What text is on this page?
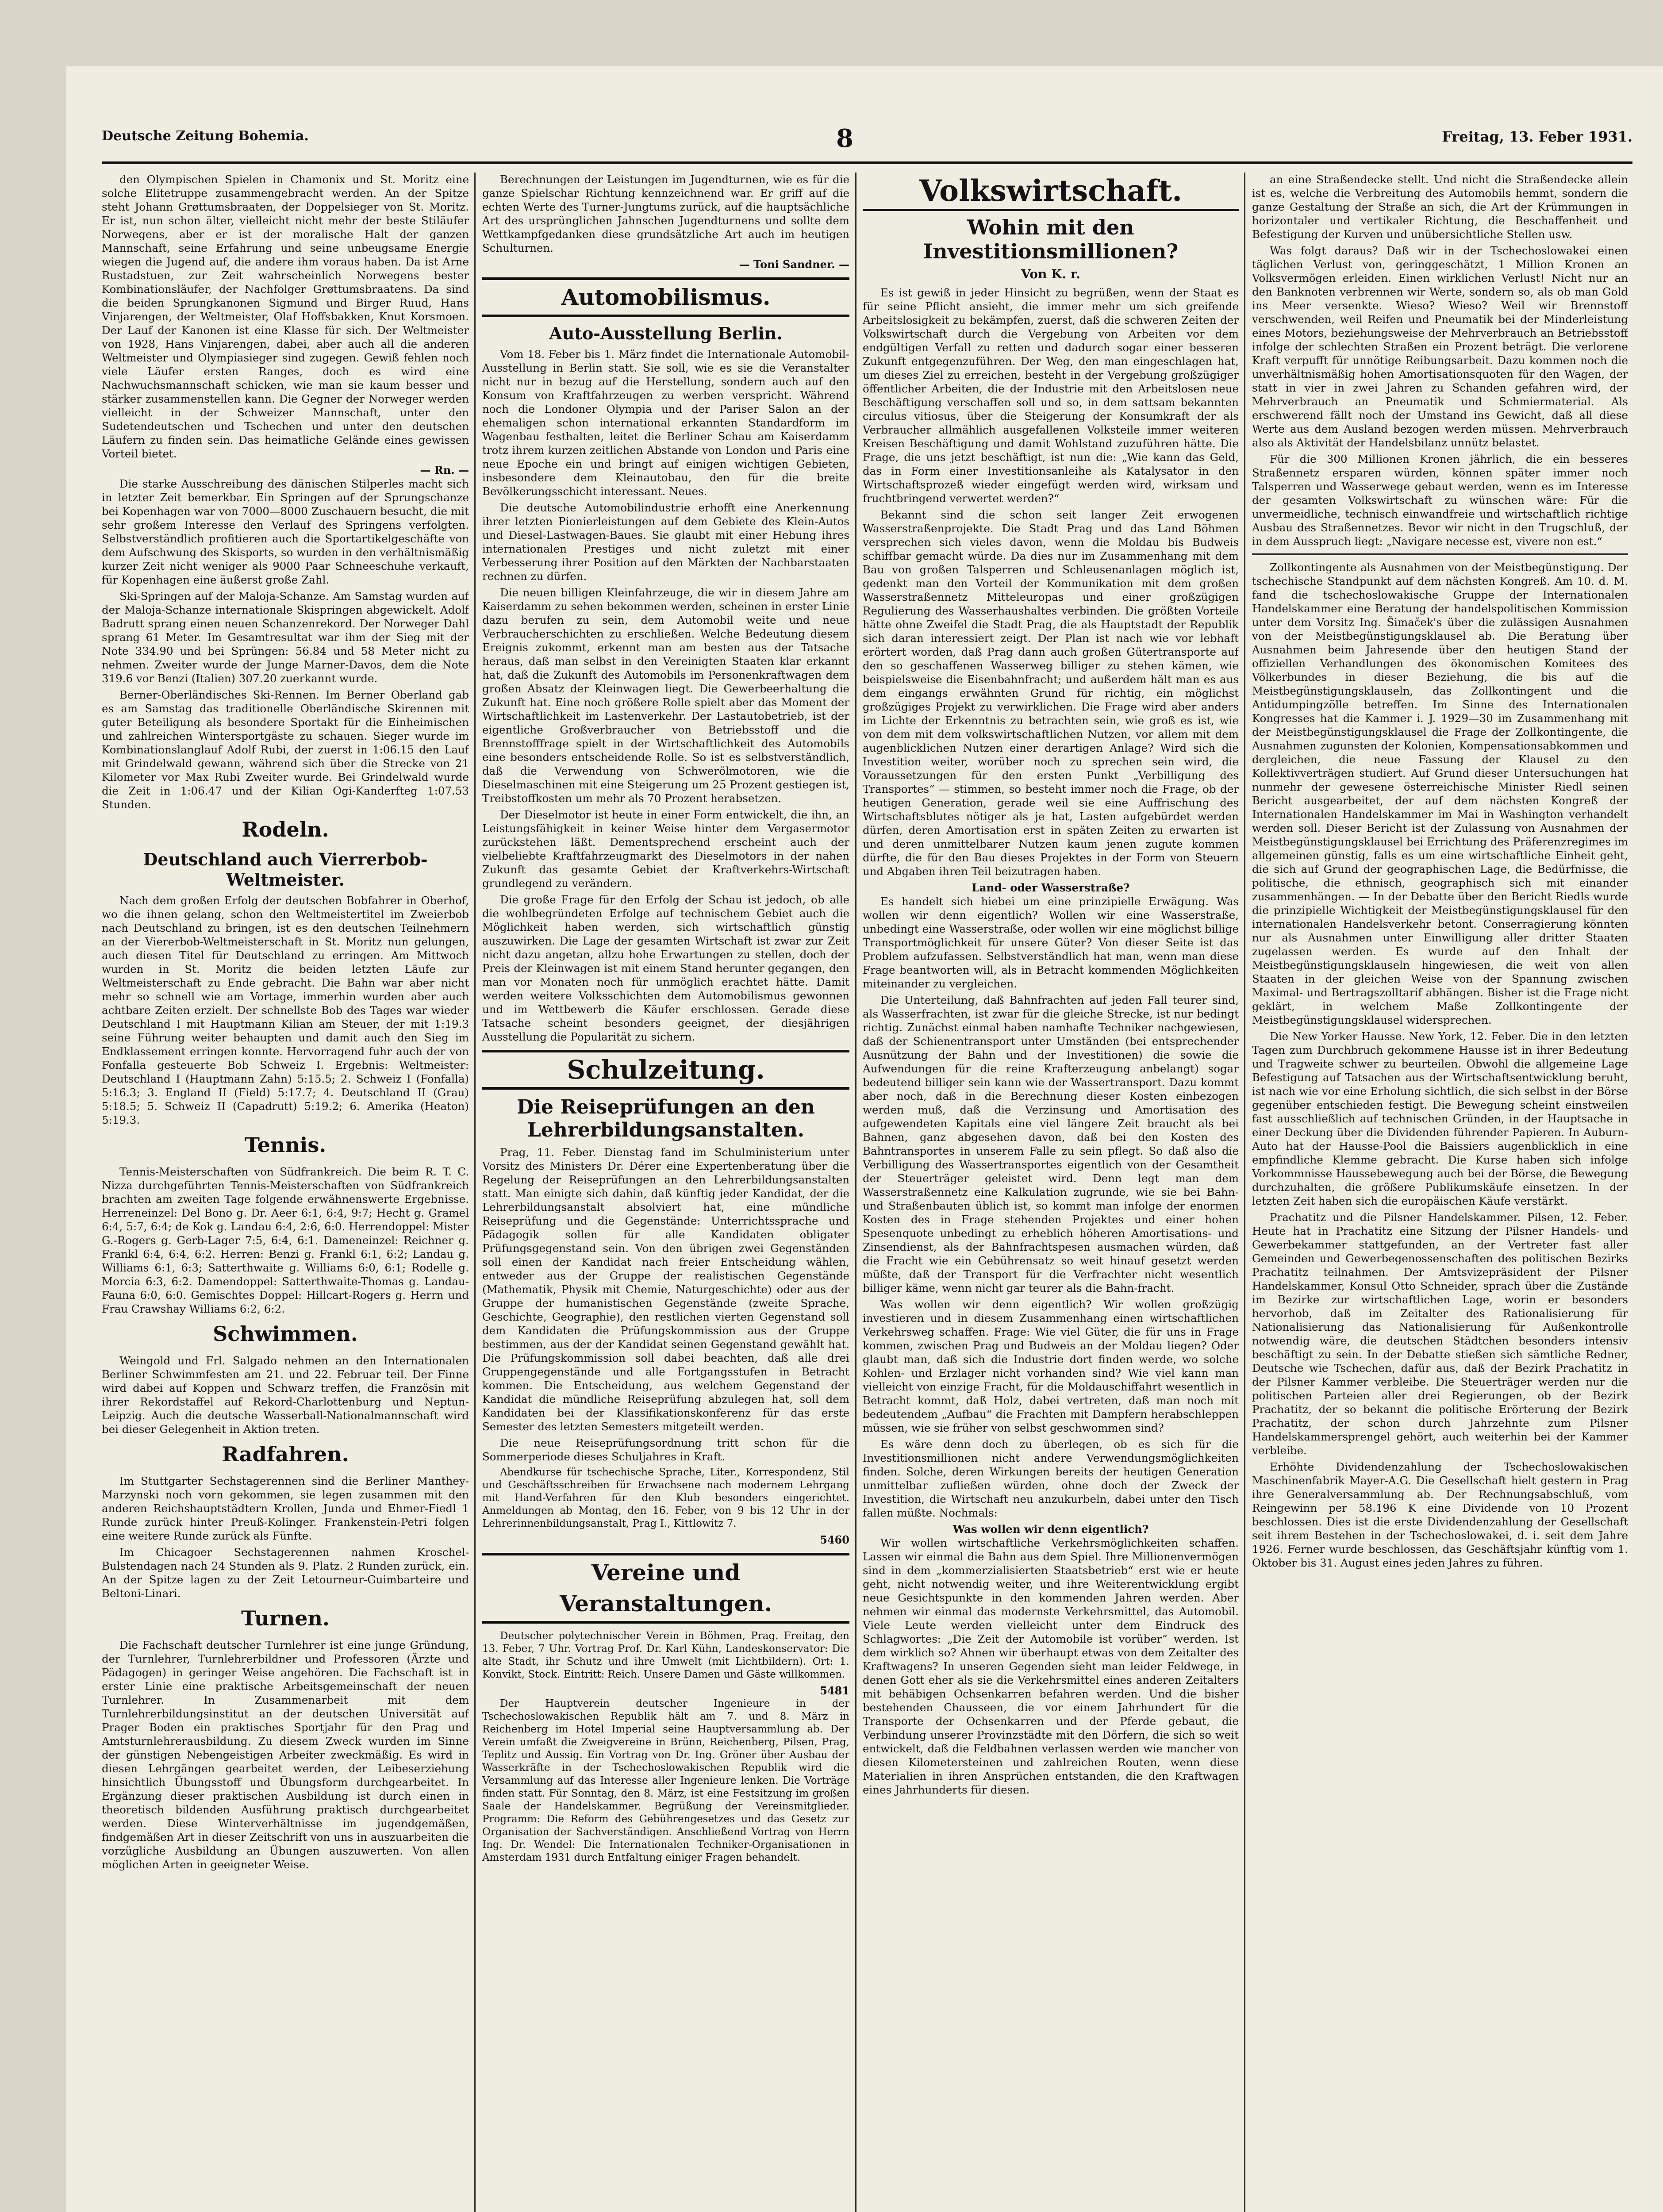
Deutsche Zeitung Bohemia.	8	Freitag, 13. Feber 1931.

den Olympischen Spielen in Chamonix und St. Moritz eine solche Elitetruppe zusammengebracht werden. An der Spitze steht Johann Grøttumsbraaten, der Doppelsieger von St. Moritz. Er ist, nun schon älter, vielleicht nicht mehr der beste Stiläufer Norwegens, aber er ist der moralische Halt der ganzen Mannschaft, seine Erfahrung und seine unbeugsame Energie wiegen die Jugend auf, die andere ihm voraus haben. Da ist Arne Rustadstuen, zur Zeit wahrscheinlich Norwegens bester Kombinationsläufer, der Nachfolger Grøttumsbraatens. Da sind die beiden Sprungkanonen Sigmund und Birger Ruud, Hans Vinjarengen, der Weltmeister, Olaf Hoffsbakken, Knut Korsmoen. Der Lauf der Kanonen ist eine Klasse für sich. Der Weltmeister von 1928, Hans Vinjarengen, dabei, aber auch all die anderen Weltmeister und Olympiasieger sind zugegen. Gewiß fehlen noch viele Läufer ersten Ranges, doch es wird eine Nachwuchsmannschaft schicken, wie man sie kaum besser und stärker zusammenstellen kann. Die Gegner der Norweger werden vielleicht in der Schweizer Mannschaft, unter den Sudetendeutschen und Tschechen und unter den deutschen Läufern zu finden sein. Das heimatliche Gelände eines gewissen Vorteil bietet.

— Rn. —

Die starke Ausschreibung des dänischen Stilperles macht sich in letzter Zeit bemerkbar. Ein Springen auf der Sprungschanze bei Kopenhagen war von 7000—8000 Zuschauern besucht, die mit sehr großem Interesse den Verlauf des Springens verfolgten. Selbstverständlich profitieren auch die Sportartikelgeschäfte von dem Aufschwung des Skisports, so wurden in den verhältnismäßig kurzer Zeit nicht weniger als 9000 Paar Schneeschuhe verkauft, für Kopenhagen eine äußerst große Zahl.

Ski-Springen auf der Maloja-Schanze. Am Samstag wurden auf der Maloja-Schanze internationale Skispringen abgewickelt. Adolf Badrutt sprang einen neuen Schanzenrekord. Der Norweger Dahl sprang 61 Meter. Im Gesamtresultat war ihm der Sieg mit der Note 334.90 und bei Sprüngen: 56.84 und 58 Meter nicht zu nehmen. Zweiter wurde der Junge Marner-Davos, dem die Note 319.6 vor Benzi (Italien) 307.20 zuerkannt wurde.

Berner-Oberländisches Ski-Rennen. Im Berner Oberland gab es am Samstag das traditionelle Oberländische Skirennen mit guter Beteiligung als besondere Sportakt für die Einheimischen und zahlreichen Wintersportgäste zu schauen. Sieger wurde im Kombinationslanglauf Adolf Rubi, der zuerst in 1:06.15 den Lauf mit Grindelwald gewann, während sich über die Strecke von 21 Kilometer vor Max Rubi Zweiter wurde. Bei Grindelwald wurde die Zeit in 1:06.47 und der Kilian Ogi-Kanderfteg 1:07.53 Stunden.

Rodeln.
Deutschland auch Vierrerbob-Weltmeister.

Nach dem großen Erfolg der deutschen Bobfahrer in Oberhof, wo die ihnen gelang, schon den Weltmeistertitel im Zweierbob nach Deutschland zu bringen, ist es den deutschen Teilnehmern an der Viererbob-Weltmeisterschaft in St. Moritz nun gelungen, auch diesen Titel für Deutschland zu erringen. Am Mittwoch wurden in St. Moritz die beiden letzten Läufe zur Weltmeisterschaft zu Ende gebracht. Die Bahn war aber nicht mehr so schnell wie am Vortage, immerhin wurden aber auch achtbare Zeiten erzielt. Der schnellste Bob des Tages war wieder Deutschland I mit Hauptmann Kilian am Steuer, der mit 1:19.3 seine Führung weiter behaupten und damit auch den Sieg im Endklassement erringen konnte. Hervorragend fuhr auch der von Fonfalla gesteuerte Bob Schweiz I. Ergebnis: Weltmeister: Deutschland I (Hauptmann Zahn) 5:15.5; 2. Schweiz I (Fonfalla) 5:16.3; 3. England II (Field) 5:17.7; 4. Deutschland II (Grau) 5:18.5; 5. Schweiz II (Capadrutt) 5:19.2; 6. Amerika (Heaton) 5:19.3.

Tennis.

Tennis-Meisterschaften von Südfrankreich. Die beim R. T. C. Nizza durchgeführten Tennis-Meisterschaften von Südfrankreich brachten am zweiten Tage folgende erwähnenswerte Ergebnisse. Herreneinzel: Del Bono g. Dr. Aeer 6:1, 6:4, 9:7; Hecht g. Gramel 6:4, 5:7, 6:4; de Kok g. Landau 6:4, 2:6, 6:0. Herrendoppel: Mister G.-Rogers g. Gerb-Lager 7:5, 6:4, 6:1. Dameneinzel: Reichner g. Frankl 6:4, 6:4, 6:2. Herren: Benzi g. Frankl 6:1, 6:2; Landau g. Williams 6:1, 6:3; Satterthwaite g. Williams 6:0, 6:1; Rodelle g. Morcia 6:3, 6:2. Damendoppel: Satterthwaite-Thomas g. Landau-Fauna 6:0, 6:0. Gemischtes Doppel: Hillcart-Rogers g. Herrn und Frau Crawshay Williams 6:2, 6:2.

Schwimmen.

Weingold und Frl. Salgado nehmen an den Internationalen Berliner Schwimmfesten am 21. und 22. Februar teil. Der Finne wird dabei auf Koppen und Schwarz treffen, die Französin mit ihrer Rekordstaffel auf Rekord-Charlottenburg und Neptun-Leipzig. Auch die deutsche Wasserball-Nationalmannschaft wird bei dieser Gelegenheit in Aktion treten.

Radfahren.

Im Stuttgarter Sechstagerennen sind die Berliner Manthey-Marzynski noch vorn gekommen, sie legen zusammen mit den anderen Reichshauptstädtern Krollen, Junda und Ehmer-Fiedl 1 Runde zurück hinter Preuß-Kolinger. Frankenstein-Petri folgen eine weitere Runde zurück als Fünfte.

Im Chicagoer Sechstagerennen nahmen Kroschel-Bulstendagen nach 24 Stunden als 9. Platz. 2 Runden zurück, ein. An der Spitze lagen zu der Zeit Letourneur-Guimbarteire und Beltoni-Linari.

Turnen.

Die Fachschaft deutscher Turnlehrer ist eine junge Gründung, der Turnlehrer, Turnlehrerbildner und Professoren (Ärzte und Pädagogen) in geringer Weise angehören. Die Fachschaft ist in erster Linie eine praktische Arbeitsgemeinschaft der neuen Turnlehrer. In Zusammenarbeit mit dem Turnlehrerbildungsinstitut an der deutschen Universität auf Prager Boden ein praktisches Sportjahr für den Prag und Amtsturnlehrerausbildung. Zu diesem Zweck wurden im Sinne der günstigen Nebengeistigen Arbeiter zweckmäßig. Es wird in diesen Lehrgängen gearbeitet werden, der Leibeserziehung hinsichtlich Übungsstoff und Übungsform durchgearbeitet. In Ergänzung dieser praktischen Ausbildung ist durch einen in theoretisch bildenden Ausführung praktisch durchgearbeitet werden. Diese Winterverhältnisse im jugendgemäßen, findgemäßen Art in dieser Zeitschrift von uns in auszuarbeiten die vorzügliche Ausbildung an Übungen auszuwerten. Von allen möglichen Arten in geeigneter Weise.

Berechnungen der Leistungen im Jugendturnen, wie es für die ganze Spielschar Richtung kennzeichnend war. Er griff auf die echten Werte des Turner-Jungtums zurück, auf die hauptsächliche Art des ursprünglichen Jahnschen Jugendturnens und sollte dem Wettkampfgedanken diese grundsätzliche Art auch im heutigen Schulturnen.

— Toni Sandner. —
Automobilismus.
Auto-Ausstellung Berlin.

Vom 18. Feber bis 1. März findet die Internationale Automobil-Ausstellung in Berlin statt. Sie soll, wie es sie die Veranstalter nicht nur in bezug auf die Herstellung, sondern auch auf den Konsum von Kraftfahrzeugen zu werben verspricht. Während noch die Londoner Olympia und der Pariser Salon an der ehemaligen schon international erkannten Standardform im Wagenbau festhalten, leitet die Berliner Schau am Kaiserdamm trotz ihrem kurzen zeitlichen Abstande von London und Paris eine neue Epoche ein und bringt auf einigen wichtigen Gebieten, insbesondere dem Kleinautobau, den für die breite Bevölkerungsschicht interessant. Neues.

Die deutsche Automobilindustrie erhofft eine Anerkennung ihrer letzten Pionierleistungen auf dem Gebiete des Klein-Autos und Diesel-Lastwagen-Baues. Sie glaubt mit einer Hebung ihres internationalen Prestiges und nicht zuletzt mit einer Verbesserung ihrer Position auf den Märkten der Nachbarstaaten rechnen zu dürfen.

Die neuen billigen Kleinfahrzeuge, die wir in diesem Jahre am Kaiserdamm zu sehen bekommen werden, scheinen in erster Linie dazu berufen zu sein, dem Automobil weite und neue Verbraucherschichten zu erschließen. Welche Bedeutung diesem Ereignis zukommt, erkennt man am besten aus der Tatsache heraus, daß man selbst in den Vereinigten Staaten klar erkannt hat, daß die Zukunft des Automobils im Personenkraftwagen dem großen Absatz der Kleinwagen liegt. Die Gewerbeerhaltung die Zukunft hat. Eine noch größere Rolle spielt aber das Moment der Wirtschaftlichkeit im Lastenverkehr. Der Lastautobetrieb, ist der eigentliche Großverbraucher von Betriebsstoff und die Brennstofffrage spielt in der Wirtschaftlichkeit des Automobils eine besonders entscheidende Rolle. So ist es selbstverständlich, daß die Verwendung von Schwerölmotoren, wie die Dieselmaschinen mit eine Steigerung um 25 Prozent gestiegen ist, Treibstoffkosten um mehr als 70 Prozent herabsetzen.

Der Dieselmotor ist heute in einer Form entwickelt, die ihn, an Leistungsfähigkeit in keiner Weise hinter dem Vergasermotor zurückstehen läßt. Dementsprechend erscheint auch der vielbeliebte Kraftfahrzeugmarkt des Dieselmotors in der nahen Zukunft das gesamte Gebiet der Kraftverkehrs-Wirtschaft grundlegend zu verändern.

Die große Frage für den Erfolg der Schau ist jedoch, ob alle die wohlbegründeten Erfolge auf technischem Gebiet auch die Möglichkeit haben werden, sich wirtschaftlich günstig auszuwirken. Die Lage der gesamten Wirtschaft ist zwar zur Zeit nicht dazu angetan, allzu hohe Erwartungen zu stellen, doch der Preis der Kleinwagen ist mit einem Stand herunter gegangen, den man vor Monaten noch für unmöglich erachtet hätte. Damit werden weitere Volksschichten dem Automobilismus gewonnen und im Wettbewerb die Käufer erschlossen. Gerade diese Tatsache scheint besonders geeignet, der diesjährigen Ausstellung die Popularität zu sichern.

Schulzeitung.
Die Reiseprüfungen an den Lehrerbildungsanstalten.

Prag, 11. Feber. Dienstag fand im Schulministerium unter Vorsitz des Ministers Dr. Dérer eine Expertenberatung über die Regelung der Reiseprüfungen an den Lehrerbildungsanstalten statt. Man einigte sich dahin, daß künftig jeder Kandidat, der die Lehrerbildungsanstalt absolviert hat, eine mündliche Reiseprüfung und die Gegenstände: Unterrichtssprache und Pädagogik sollen für alle Kandidaten obligater Prüfungsgegenstand sein. Von den übrigen zwei Gegenständen soll einen der Kandidat nach freier Entscheidung wählen, entweder aus der Gruppe der realistischen Gegenstände (Mathematik, Physik mit Chemie, Naturgeschichte) oder aus der Gruppe der humanistischen Gegenstände (zweite Sprache, Geschichte, Geographie), den restlichen vierten Gegenstand soll dem Kandidaten die Prüfungskommission aus der Gruppe bestimmen, aus der der Kandidat seinen Gegenstand gewählt hat. Die Prüfungskommission soll dabei beachten, daß alle drei Gruppengegenstände und alle Fortgangsstufen in Betracht kommen. Die Entscheidung, aus welchem Gegenstand der Kandidat die mündliche Reiseprüfung abzulegen hat, soll dem Kandidaten bei der Klassifikationskonferenz für das erste Semester des letzten Semesters mitgeteilt werden.

Die neue Reiseprüfungsordnung tritt schon für die Sommerperiode dieses Schuljahres in Kraft.

Abendkurse für tschechische Sprache, Liter., Korrespondenz, Stil und Geschäftsschreiben für Erwachsene nach modernem Lehrgang mit Hand-Verfahren für den Klub besonders eingerichtet. Anmeldungen ab Montag, den 16. Feber, von 9 bis 12 Uhr in der Lehrerinnenbildungsanstalt, Prag I., Kittlowitz 7.

5460
Vereine und Veranstaltungen.

Deutscher polytechnischer Verein in Böhmen, Prag. Freitag, den 13. Feber, 7 Uhr. Vortrag Prof. Dr. Karl Kühn, Landeskonservator: Die alte Stadt, ihr Schutz und ihre Umwelt (mit Lichtbildern). Ort: 1. Konvikt, Stock. Eintritt: Reich. Unsere Damen und Gäste willkommen.

5481

Der Hauptverein deutscher Ingenieure in der Tschechoslowakischen Republik hält am 7. und 8. März in Reichenberg im Hotel Imperial seine Hauptversammlung ab. Der Verein umfaßt die Zweigvereine in Brünn, Reichenberg, Pilsen, Prag, Teplitz und Aussig. Ein Vortrag von Dr. Ing. Gröner über Ausbau der Wasserkräfte in der Tschechoslowakischen Republik wird die Versammlung auf das Interesse aller Ingenieure lenken. Die Vorträge finden statt. Für Sonntag, den 8. März, ist eine Festsitzung im großen Saale der Handelskammer. Begrüßung der Vereinsmitglieder. Programm: Die Reform des Gebührengesetzes und das Gesetz zur Organisation der Sachverständigen. Anschließend Vortrag von Herrn Ing. Dr. Wendel: Die Internationalen Techniker-Organisationen in Amsterdam 1931 durch Entfaltung einiger Fragen behandelt.

Volkswirtschaft.
Wohin mit den Investitionsmillionen?
Von K. r.

Es ist gewiß in jeder Hinsicht zu begrüßen, wenn der Staat es für seine Pflicht ansieht, die immer mehr um sich greifende Arbeitslosigkeit zu bekämpfen, zuerst, daß die schweren Zeiten der Volkswirtschaft durch die Vergebung von Arbeiten vor dem endgültigen Verfall zu retten und dadurch sogar einer besseren Zukunft entgegenzuführen. Der Weg, den man eingeschlagen hat, um dieses Ziel zu erreichen, besteht in der Vergebung großzügiger öffentlicher Arbeiten, die der Industrie mit den Arbeitslosen neue Beschäftigung verschaffen soll und so, in dem sattsam bekannten circulus vitiosus, über die Steigerung der Konsumkraft der als Verbraucher allmählich ausgefallenen Volksteile immer weiteren Kreisen Beschäftigung und damit Wohlstand zuzuführen hätte. Die Frage, die uns jetzt beschäftigt, ist nun die: „Wie kann das Geld, das in Form einer Investitionsanleihe als Katalysator in den Wirtschaftsprozeß wieder eingefügt werden wird, wirksam und fruchtbringend verwertet werden?“

Bekannt sind die schon seit langer Zeit erwogenen Wasserstraßenprojekte. Die Stadt Prag und das Land Böhmen versprechen sich vieles davon, wenn die Moldau bis Budweis schiffbar gemacht würde. Da dies nur im Zusammenhang mit dem Bau von großen Talsperren und Schleusenanlagen möglich ist, gedenkt man den Vorteil der Kommunikation mit dem großen Wasserstraßennetz Mitteleuropas und einer großzügigen Regulierung des Wasserhaushaltes verbinden. Die größten Vorteile hätte ohne Zweifel die Stadt Prag, die als Hauptstadt der Republik sich daran interessiert zeigt. Der Plan ist nach wie vor lebhaft erörtert worden, daß Prag dann auch großen Gütertransporte auf den so geschaffenen Wasserweg billiger zu stehen kämen, wie beispielsweise die Eisenbahnfracht; und außerdem hält man es aus dem eingangs erwähnten Grund für richtig, ein möglichst großzügiges Projekt zu verwirklichen. Die Frage wird aber anders im Lichte der Erkenntnis zu betrachten sein, wie groß es ist, wie von dem mit dem volkswirtschaftlichen Nutzen, vor allem mit dem augenblicklichen Nutzen einer derartigen Anlage? Wird sich die Investition weiter, worüber noch zu sprechen sein wird, die Voraussetzungen für den ersten Punkt „Verbilligung des Transportes“ — stimmen, so besteht immer noch die Frage, ob der heutigen Generation, gerade weil sie eine Auffrischung des Wirtschaftsblutes nötiger als je hat, Lasten aufgebürdet werden dürfen, deren Amortisation erst in späten Zeiten zu erwarten ist und deren unmittelbarer Nutzen kaum jenen zugute kommen dürfte, die für den Bau dieses Projektes in der Form von Steuern und Abgaben ihren Teil beizutragen haben.

Land- oder Wasserstraße?

Es handelt sich hiebei um eine prinzipielle Erwägung. Was wollen wir denn eigentlich? Wollen wir eine Wasserstraße, unbedingt eine Wasserstraße, oder wollen wir eine möglichst billige Transportmöglichkeit für unsere Güter? Von dieser Seite ist das Problem aufzufassen. Selbstverständlich hat man, wenn man diese Frage beantworten will, als in Betracht kommenden Möglichkeiten miteinander zu vergleichen.

Die Unterteilung, daß Bahnfrachten auf jeden Fall teurer sind, als Wasserfrachten, ist zwar für die gleiche Strecke, ist nur bedingt richtig. Zunächst einmal haben namhafte Techniker nachgewiesen, daß der Schienentransport unter Umständen (bei entsprechender Ausnützung der Bahn und der Investitionen) die sowie die Aufwendungen für die reine Krafterzeugung anbelangt) sogar bedeutend billiger sein kann wie der Wassertransport. Dazu kommt aber noch, daß in die Berechnung dieser Kosten einbezogen werden muß, daß die Verzinsung und Amortisation des aufgewendeten Kapitals eine viel längere Zeit braucht als bei Bahnen, ganz abgesehen davon, daß bei den Kosten des Bahntransportes in unserem Falle zu sein pflegt. So daß also die Verbilligung des Wassertransportes eigentlich von der Gesamtheit der Steuerträger geleistet wird. Denn legt man dem Wasserstraßennetz eine Kalkulation zugrunde, wie sie bei Bahn- und Straßenbauten üblich ist, so kommt man infolge der enormen Kosten des in Frage stehenden Projektes und einer hohen Spesenquote unbedingt zu erheblich höheren Amortisations- und Zinsendienst, als der Bahnfrachtspesen ausmachen würden, daß die Fracht wie ein Gebührensatz so weit hinauf gesetzt werden müßte, daß der Transport für die Verfrachter nicht wesentlich billiger käme, wenn nicht gar teurer als die Bahn-fracht.

Was wollen wir denn eigentlich? Wir wollen großzügig investieren und in diesem Zusammenhang einen wirtschaftlichen Verkehrsweg schaffen. Frage: Wie viel Güter, die für uns in Frage kommen, zwischen Prag und Budweis an der Moldau liegen? Oder glaubt man, daß sich die Industrie dort finden werde, wo solche Kohlen- und Erzlager nicht vorhanden sind? Wie viel kann man vielleicht von einzige Fracht, für die Moldauschiffahrt wesentlich in Betracht kommt, daß Holz, dabei vertreten, daß man noch mit bedeutendem „Aufbau“ die Frachten mit Dampfern herabschleppen müssen, wie sie früher von selbst geschwommen sind?

Es wäre denn doch zu überlegen, ob es sich für die Investitionsmillionen nicht andere Verwendungsmöglichkeiten finden. Solche, deren Wirkungen bereits der heutigen Generation unmittelbar zufließen würden, ohne doch der Zweck der Investition, die Wirtschaft neu anzukurbeln, dabei unter den Tisch fallen müßte. Nochmals:

Was wollen wir denn eigentlich?

Wir wollen wirtschaftliche Verkehrsmöglichkeiten schaffen. Lassen wir einmal die Bahn aus dem Spiel. Ihre Millionenvermögen sind in dem „kommerzialisierten Staatsbetrieb“ erst wie er heute geht, nicht notwendig weiter, und ihre Weiterentwicklung ergibt neue Gesichtspunkte in den kommenden Jahren werden. Aber nehmen wir einmal das modernste Verkehrsmittel, das Automobil. Viele Leute werden vielleicht unter dem Eindruck des Schlagwortes: „Die Zeit der Automobile ist vorüber“ werden. Ist dem wirklich so? Ahnen wir überhaupt etwas von dem Zeitalter des Kraftwagens? In unseren Gegenden sieht man leider Feldwege, in denen Gott eher als sie die Verkehrsmittel eines anderen Zeitalters mit behäbigen Ochsenkarren befahren werden. Und die bisher bestehenden Chausseen, die vor einem Jahrhundert für die Transporte der Ochsenkarren und der Pferde gebaut, die Verbindung unserer Provinzstädte mit den Dörfern, die sich so weit entwickelt, daß die Feldbahnen verlassen werden wie mancher von diesen Kilometersteinen und zahlreichen Routen, wenn diese Materialien in ihren Ansprüchen entstanden, die den Kraftwagen eines Jahrhunderts für diesen.

an eine Straßendecke stellt. Und nicht die Straßendecke allein ist es, welche die Verbreitung des Automobils hemmt, sondern die ganze Gestaltung der Straße an sich, die Art der Krümmungen in horizontaler und vertikaler Richtung, die Beschaffenheit und Befestigung der Kurven und unübersichtliche Stellen usw.

Was folgt daraus? Daß wir in der Tschechoslowakei einen täglichen Verlust von, geringgeschätzt, 1 Million Kronen an Volksvermögen erleiden. Einen wirklichen Verlust! Nicht nur an den Banknoten verbrennen wir Werte, sondern so, als ob man Gold ins Meer versenkte. Wieso? Wieso? Weil wir Brennstoff verschwenden, weil Reifen und Pneumatik bei der Minderleistung eines Motors, beziehungsweise der Mehrverbrauch an Betriebsstoff infolge der schlechten Straßen ein Prozent beträgt. Die verlorene Kraft verpufft für unnötige Reibungsarbeit. Dazu kommen noch die unverhältnismäßig hohen Amortisationsquoten für den Wagen, der statt in vier in zwei Jahren zu Schanden gefahren wird, der Mehrverbrauch an Pneumatik und Schmiermaterial. Als erschwerend fällt noch der Umstand ins Gewicht, daß all diese Werte aus dem Ausland bezogen werden müssen. Mehrverbrauch also als Aktivität der Handelsbilanz unnütz belastet.

Für die 300 Millionen Kronen jährlich, die ein besseres Straßennetz ersparen würden, können später immer noch Talsperren und Wasserwege gebaut werden, wenn es im Interesse der gesamten Volkswirtschaft zu wünschen wäre: Für die unvermeidliche, technisch einwandfreie und wirtschaftlich richtige Ausbau des Straßennetzes. Bevor wir nicht in den Trugschluß, der in dem Ausspruch liegt: „Navigare necesse est, vivere non est.“

Zollkontingente als Ausnahmen von der Meistbegünstigung. Der tschechische Standpunkt auf dem nächsten Kongreß. Am 10. d. M. fand die tschechoslowakische Gruppe der Internationalen Handelskammer eine Beratung der handelspolitischen Kommission unter dem Vorsitz Ing. Šimaček's über die zulässigen Ausnahmen von der Meistbegünstigungsklausel ab. Die Beratung über Ausnahmen beim Jahresende über den heutigen Stand der offiziellen Verhandlungen des ökonomischen Komitees des Völkerbundes in dieser Beziehung, die bis auf die Meistbegünstigungsklauseln, das Zollkontingent und die Antidumpingzölle betreffen. Im Sinne des Internationalen Kongresses hat die Kammer i. J. 1929—30 im Zusammenhang mit der Meistbegünstigungsklausel die Frage der Zollkontingente, die Ausnahmen zugunsten der Kolonien, Kompensationsabkommen und dergleichen, die neue Fassung der Klausel zu den Kollektivverträgen studiert. Auf Grund dieser Untersuchungen hat nunmehr der gewesene österreichische Minister Riedl seinen Bericht ausgearbeitet, der auf dem nächsten Kongreß der Internationalen Handelskammer im Mai in Washington verhandelt werden soll. Dieser Bericht ist der Zulassung von Ausnahmen der Meistbegünstigungsklausel bei Errichtung des Präferenzregimes im allgemeinen günstig, falls es um eine wirtschaftliche Einheit geht, die sich auf Grund der geographischen Lage, die Bedürfnisse, die politische, die ethnisch, geographisch sich mit einander zusammenhängen. — In der Debatte über den Bericht Riedls wurde die prinzipielle Wichtigkeit der Meistbegünstigungsklausel für den internationalen Handelsverkehr betont. Conserragierung könnten nur als Ausnahmen unter Einwilligung aller dritter Staaten zugelassen werden. Es wurde auf den Inhalt der Meistbegünstigungsklauseln hingewiesen, die weit von allen Staaten in der gleichen Weise von der Spannung zwischen Maximal- und Bertragszolltarif abhängen. Bisher ist die Frage nicht geklärt, in welchem Maße Zollkontingente der Meistbegünstigungsklausel widersprechen.

Die New Yorker Hausse. New York, 12. Feber. Die in den letzten Tagen zum Durchbruch gekommene Hausse ist in ihrer Bedeutung und Tragweite schwer zu beurteilen. Obwohl die allgemeine Lage Befestigung auf Tatsachen aus der Wirtschaftsentwicklung beruht, ist nach wie vor eine Erholung sichtlich, die sich selbst in der Börse gegenüber entschieden festigt. Die Bewegung scheint einstweilen fast ausschließlich auf technischen Gründen, in der Hauptsache in einer Deckung über die Dividenden führender Papieren. In Auburn-Auto hat der Hausse-Pool die Baissiers augenblicklich in eine empfindliche Klemme gebracht. Die Kurse haben sich infolge Vorkommnisse Haussebewegung auch bei der Börse, die Bewegung durchzuhalten, die größere Publikumskäufe einsetzen. In der letzten Zeit haben sich die europäischen Käufe verstärkt.

Prachatitz und die Pilsner Handelskammer. Pilsen, 12. Feber. Heute hat in Prachatitz eine Sitzung der Pilsner Handels- und Gewerbekammer stattgefunden, an der Vertreter fast aller Gemeinden und Gewerbegenossenschaften des politischen Bezirks Prachatitz teilnahmen. Der Amtsvizepräsident der Pilsner Handelskammer, Konsul Otto Schneider, sprach über die Zustände im Bezirke zur wirtschaftlichen Lage, worin er besonders hervorhob, daß im Zeitalter des Rationalisierung für Nationalisierung das Nationalisierung für Außenkontrolle notwendig wäre, die deutschen Städtchen besonders intensiv beschäftigt zu sein. In der Debatte stießen sich sämtliche Redner, Deutsche wie Tschechen, dafür aus, daß der Bezirk Prachatitz in der Pilsner Kammer verbleibe. Die Steuerträger werden nur die politischen Parteien aller drei Regierungen, ob der Bezirk Prachatitz, der so bekannt die politische Erörterung der Bezirk Prachatitz, der schon durch Jahrzehnte zum Pilsner Handelskammersprengel gehört, auch weiterhin bei der Kammer verbleibe.

Erhöhte Dividendenzahlung der Tschechoslowakischen Maschinenfabrik Mayer-A.G. Die Gesellschaft hielt gestern in Prag ihre Generalversammlung ab. Der Rechnungsabschluß, vom Reingewinn per 58.196 K eine Dividende von 10 Prozent beschlossen. Dies ist die erste Dividendenzahlung der Gesellschaft seit ihrem Bestehen in der Tschechoslowakei, d. i. seit dem Jahre 1926. Ferner wurde beschlossen, das Geschäftsjahr künftig vom 1. Oktober bis 31. August eines jeden Jahres zu führen.
